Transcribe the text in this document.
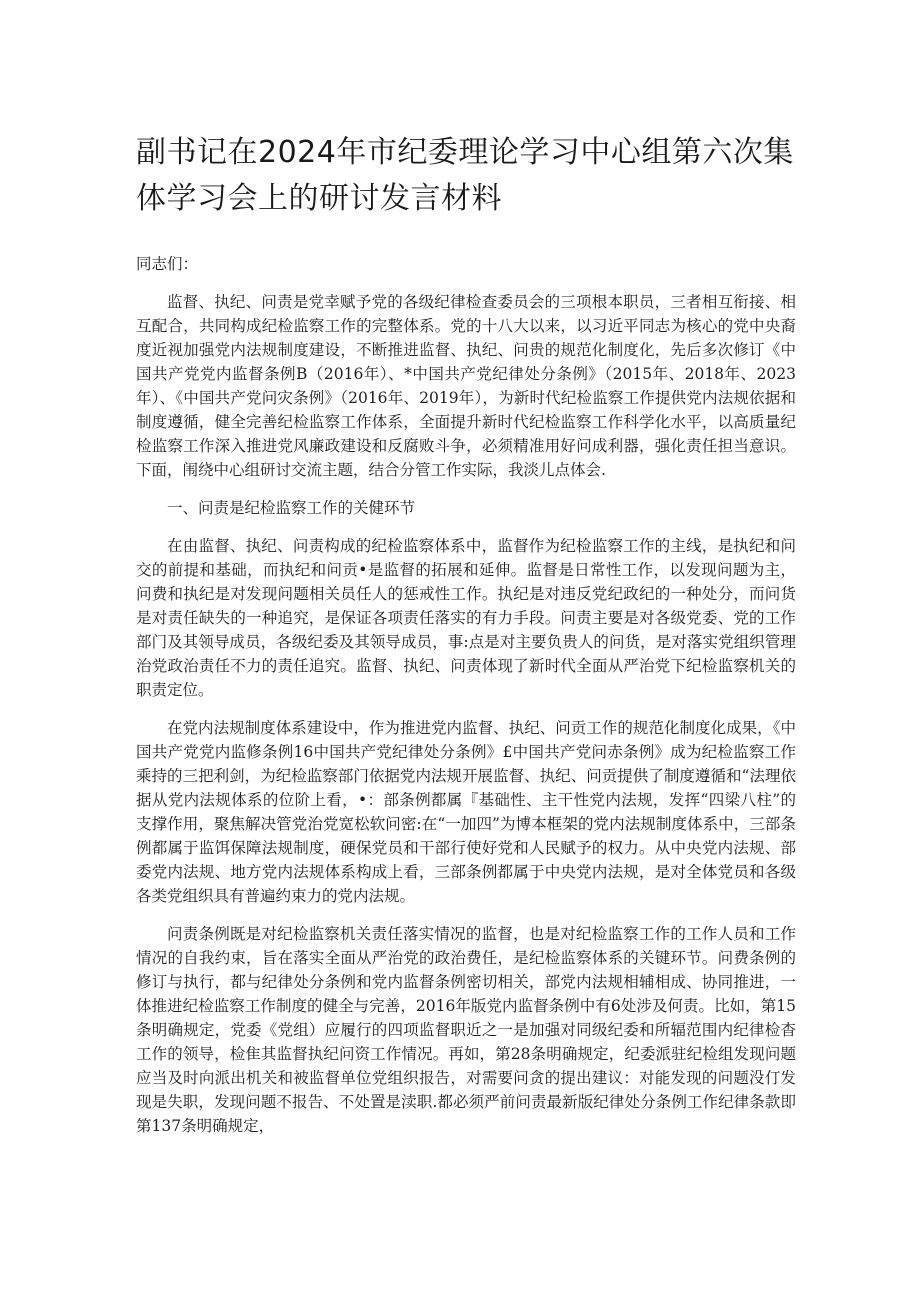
副书记在2024年市纪委理论学习中心组第六次集体学习会上的研讨发言材料

同志们：

监督、执纪、问责是党幸赋予党的各级纪律检查委员会的三项根本职员，三者相互衔接、相互配合，共同构成纪检监察工作的完整体系。党的十八大以来，以习近平同志为核心的党中央裔度近视加强党内法规制度建设，不断推进监督、执纪、问贵的规范化制度化，先后多次修订《中国共产党党内监督条例B（2016年）、*中国共产党纪律处分条例》（2015年、2018年、2023年）、《中国共产党问灾条例》（2016年、2019年），为新时代纪检监察工作提供党内法规依据和制度遵循，健全完善纪检监察工作体系，全面提升新时代纪检监察工作科学化水平，以高质量纪检监察工作深入推进党风廉政建设和反腐败斗争，必须精准用好问成利器，强化责任担当意识。下面，闱绕中心组研讨交流主题，结合分管工作实际，我淡儿点体会.

一、问责是纪检监察工作的关健环节

在由监督、执纪、问责构成的纪检监察体系中，监督作为纪检监察工作的主线，是执纪和问交的前提和基础，而执纪和问贡•是监督的拓展和延伸。监督是日常性工作，以发现问题为主，问费和执纪是对发现问题相关员任人的惩戒性工作。执纪是对违反党纪政纪的一种处分，而问货是对责任缺失的一种追究，是保证各项责任落实的有力手段。问责主要是对各级党委、党的工作部门及其领导成员，各级纪委及其领导成员，事:点是对主要负贵人的问货，是对落实党组织管理治党政治责任不力的责任追究。监督、执纪、问责体现了新时代全面从严治党下纪检监察机关的职责定位。

在党内法规制度体系建设中，作为推进党内监督、执纪、问贡工作的规范化制度化成果，《中国共产党党内监修条例16中国共产党纪律处分条例》£中国共产党问赤条例》成为纪检监察工作乘持的三把利剑，为纪检监察部门依据党内法规开展监督、执纪、问贡提供了制度遵循和“法理依据从党内法规体系的位阶上看，•：部条例都属『基础性、主干性党内法规，发挥“四梁八柱”的支撑作用，聚焦解决管党治党宽松软问密:在“一加四”为博本框架的党内法规制度体系中，三部条例都属于监饵保障法规制度，硬保党员和干部行使好党和人民赋予的权力。从中央党内法规、部委党内法规、地方党内法规体系构成上看，三部条例都属于中央党内法规，是对全体党员和各级各类党组织具有普遍约束力的党内法规。

问责条例既是对纪检监察机关责任落实情况的监督，也是对纪检监察工作的工作人员和工作情况的自我约束，旨在落实全面从严治党的政治费任，是纪检监察体系的关键环节。问费条例的修订与执行，都与纪律处分条例和党内监督条例密切相关，部党内法规相辅相成、协同推进，一体推进纪检监察工作制度的健全与完善，2016年版党内监督条例中有6处涉及何责。比如，第15条明确规定，党委《党组）应履行的四项监督职近之一是加强对同级纪委和所辐范围内纪律检杳工作的领导，检隹其监督执纪问资工作情况。再如，第28条明确规定，纪委派驻纪检组发现问题应当及时向派出机关和被监督单位党组织报告，对需要问贪的提出建议：对能发现的问题没仃发现是失职，发现问题不报告、不处置是渎职.都必须严前问责最新版纪律处分条例工作纪律条款即第137条明确规定，
